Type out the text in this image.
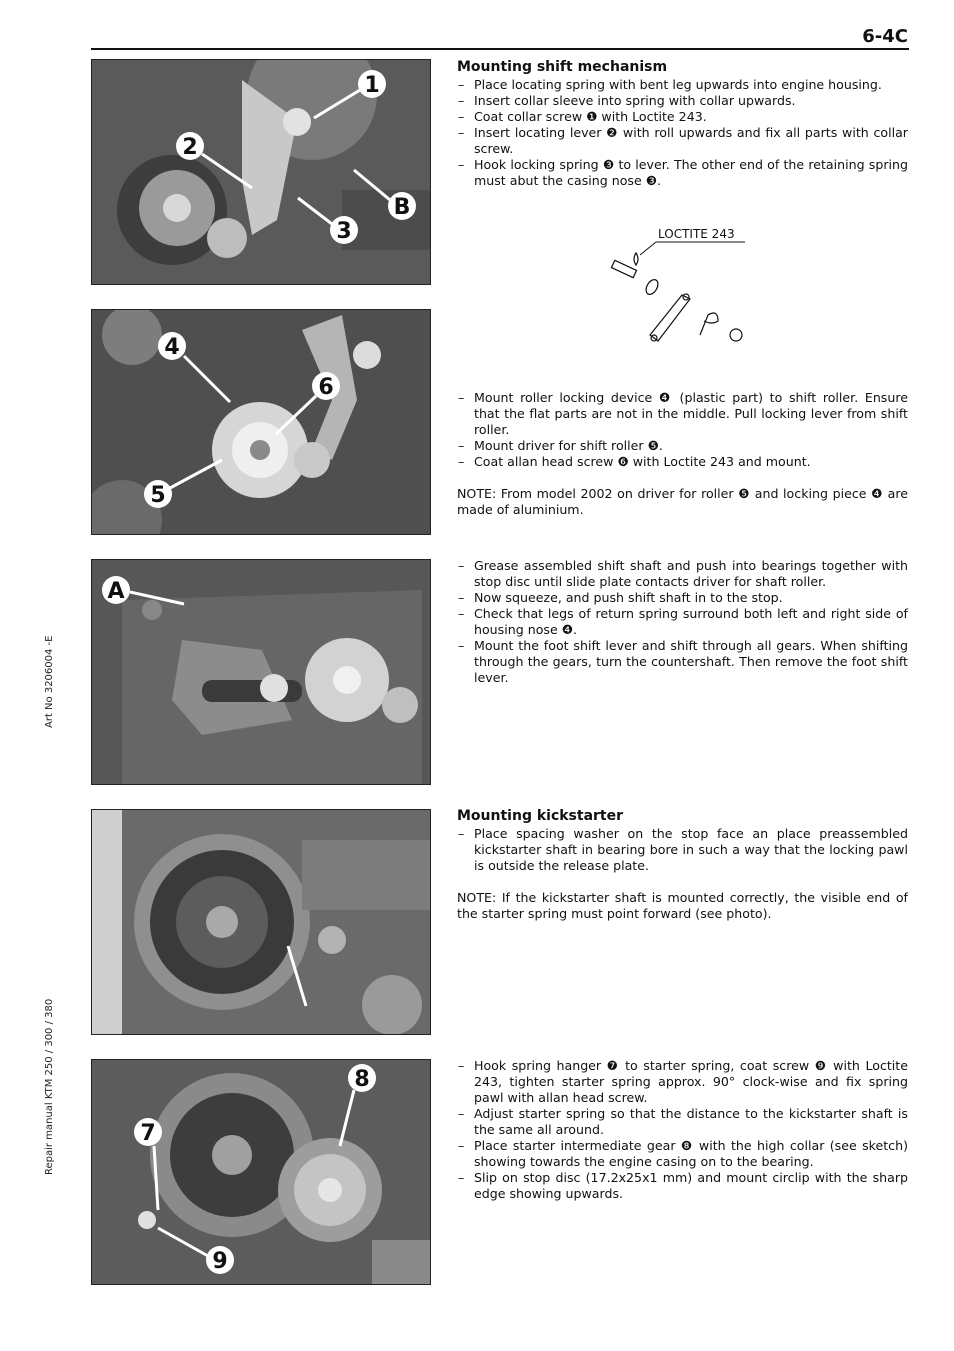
6-4C
Art No 3206004 -E
Repair manual KTM 250 / 300 / 380
1
2
B
3
4
6
5
A
8
7
9
Mounting shift mechanism
– Place locating spring with bent leg upwards into engine housing.
– Insert collar sleeve into spring with collar upwards.
– Coat collar screw ❶ with Loctite 243.
– Insert locating lever ❷ with roll upwards and fix all parts with collar screw.
– Hook locking spring ❸ to lever. The other end of the retaining spring must abut the casing nose ❸.
LOCTITE 243
– Mount roller locking device ❹ (plastic part) to shift roller. Ensure that the flat parts are not in the middle. Pull locking lever from shift roller.
– Mount driver for shift roller ❺.
– Coat allan head screw ❻ with Loctite 243 and mount.
NOTE: From model 2002 on driver for roller ❺ and locking piece ❹ are made of aluminium.
– Grease assembled shift shaft and push into bearings together with stop disc until slide plate contacts driver for shaft roller.
– Now squeeze, and push shift shaft in to the stop.
– Check that legs of return spring surround both left and right side of housing nose ❹.
– Mount the foot shift lever and shift through all gears. When shifting through the gears, turn the countershaft. Then remove the foot shift lever.
Mounting kickstarter
– Place spacing washer on the stop face an place preassembled kickstarter shaft in bearing bore in such a way that the locking pawl is outside the release plate.
NOTE: If the kickstarter shaft is mounted correctly, the visible end of the starter spring must point forward (see photo).
– Hook spring hanger ❼ to starter spring, coat screw ❾ with Loctite 243, tighten starter spring approx. 90° clock-wise and fix spring pawl with allan head screw.
– Adjust starter spring so that the distance to the kickstarter shaft is the same all around.
– Place starter intermediate gear ❽ with the high collar (see sketch) showing towards the engine casing on to the bearing.
– Slip on stop disc (17.2x25x1 mm) and mount circlip with the sharp edge showing upwards.
